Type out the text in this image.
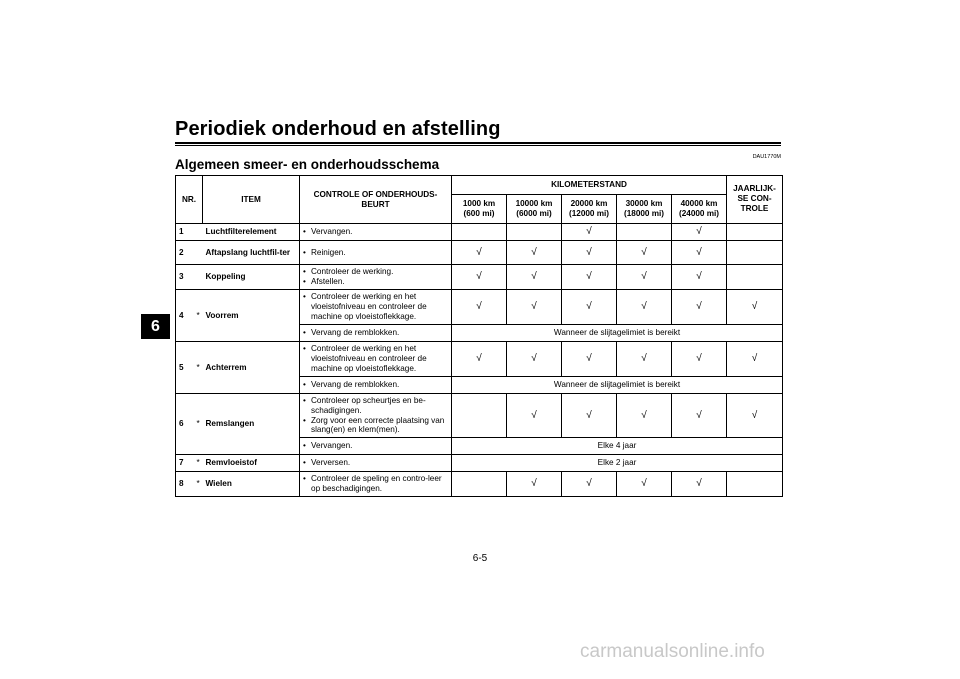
Periodiek onderhoud en afstelling
6
DAU1770M
Algemeen smeer- en onderhoudsschema
NR.		ITEM	CONTROLE OF ONDERHOUDS-BEURT	KILOMETERSTAND					JAARLIJK-SE CON-TROLE
				1000 km (600 mi)	10000 km (6000 mi)	20000 km (12000 mi)	30000 km (18000 mi)	40000 km (24000 mi)	
1		Luchtfilterelement	• Vervangen.			√		√	
2		Aftapslang luchtfil-ter	• Reinigen.	√	√	√	√	√	
3		Koppeling	• Controleer de werking.
• Afstellen.	√	√	√	√	√	
4	*	Voorrem	• Controleer de werking en het vloeistofniveau en controleer de machine op vloeistoflekkage.	√	√	√	√	√	√

			• Vervang de remblokken.	Wanneer de slijtagelimiet is bereikt					
5	*	Achterrem	• Controleer de werking en het vloeistofniveau en controleer de machine op vloeistoflekkage.	√	√	√	√	√	√

			• Vervang de remblokken.	Wanneer de slijtagelimiet is bereikt					
6	*	Remslangen	• Controleer op scheurtjes en be-schadigingen.
• Zorg voor een correcte plaatsing van slang(en) en klem(men).		√	√	√	√	√

			• Vervangen.	Elke 4 jaar					
7	*	Remvloeistof	• Verversen.	Elke 2 jaar					
8	*	Wielen	• Controleer de speling en contro-leer op beschadigingen.		√	√	√	√	
6-5
carmanualsonline.info
